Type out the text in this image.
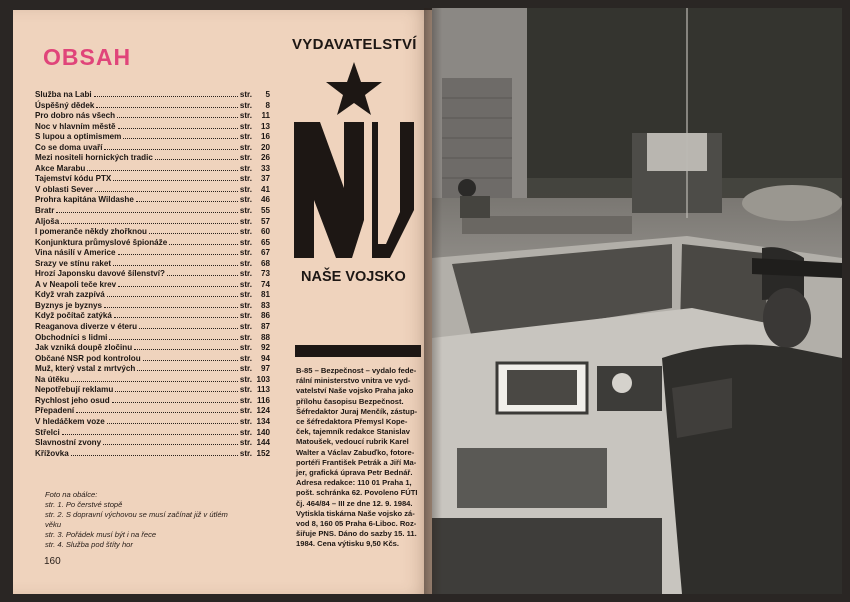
OBSAH
Služba na Labi	str.	5
Úspěšný dědek	str.	8
Pro dobro nás všech	str.	11
Noc v hlavním městě	str.	13
S lupou a optimismem	str.	16
Co se doma uvaří	str.	20
Mezi nositeli hornických tradic	str.	26
Akce Marabu	str.	33
Tajemství kódu PTX	str.	37
V oblasti Sever	str.	41
Prohra kapitána Wildashe	str.	46
Bratr	str.	55
Aljoša	str.	57
I pomeranče někdy zhořknou	str.	60
Konjunktura průmyslové špionáže	str.	65
Vina násilí v Americe	str.	67
Srazy ve stínu raket	str.	68
Hrozí Japonsku davové šílenství?	str.	73
A v Neapoli teče krev	str.	74
Když vrah zazpívá	str.	81
Byznys je byznys	str.	83
Když počítač zatýká	str.	86
Reaganova diverze v éteru	str.	87
Obchodníci s lidmi	str.	88
Jak vzniká doupě zločinu	str.	92
Občané NSR pod kontrolou	str.	94
Muž, který vstal z mrtvých	str.	97
Na útěku	str. 103
Nepotřebují reklamu	str. 113
Rychlost jeho osud	str. 116
Přepadení	str. 124
V hledáčkem voze	str. 134
Střelci	str. 140
Slavnostní zvony	str. 144
Křížovka	str. 152
Foto na obálce:
str. 1. Po čerstvé stopě
str. 2. S dopravní výchovou se musí začínat již v útlém
věku
str. 3. Pořádek musí být i na řece
str. 4. Služba pod štíty hor
160
VYDAVATELSTVÍ
NAŠE VOJSKO
B-85 – Bezpečnost – vydalo fede-
rální ministerstvo vnitra ve vyd-
vatelství Naše vojsko Praha jako
přílohu časopisu Bezpečnost.
Šéfredaktor Juraj Menčík, zástup-
ce šéfredaktora Přemysl Kope-
ček, tajemník redakce Stanislav
Matoušek, vedoucí rubrik Karel
Walter a Václav Zabuďko, fotore-
portéři František Petrák a Jiří Ma-
jer, grafická úprava Petr Bednář.
Adresa redakce: 110 01 Praha 1,
pošt. schránka 62. Povoleno FÚTI
čj. 464/84 – III ze dne 12. 9. 1984.
Vytiskla tiskárna Naše vojsko zá-
vod 8, 160 05 Praha 6-Liboc. Roz-
šiřuje PNS. Dáno do sazby 15. 11.
1984. Cena výtisku 9,50 Kčs.
